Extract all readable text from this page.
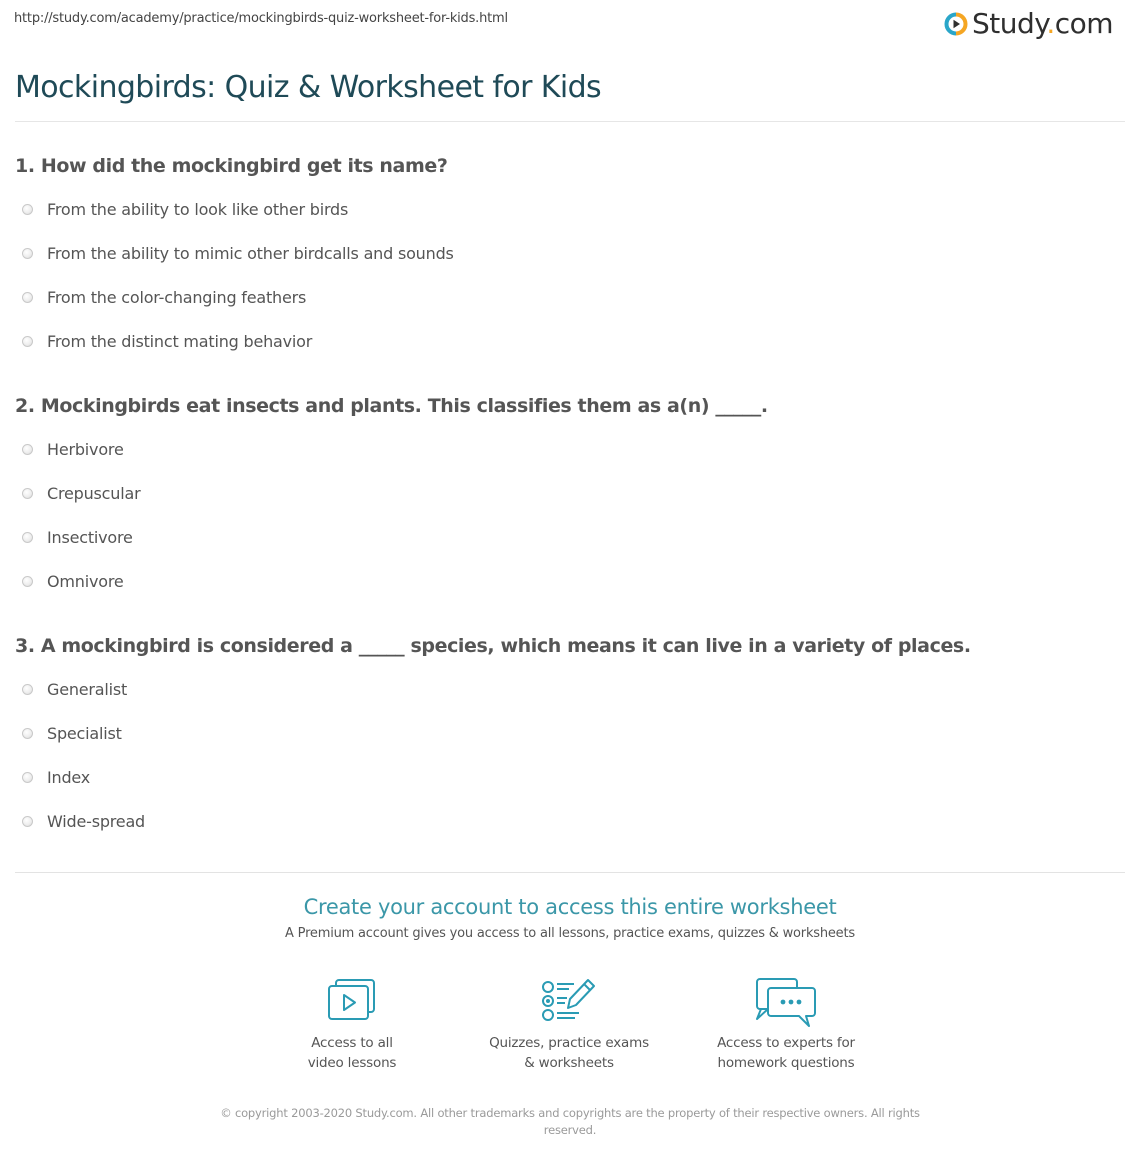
http://study.com/academy/practice/mockingbirds-quiz-worksheet-for-kids.html	Study.com
Mockingbirds: Quiz & Worksheet for Kids
1. How did the mockingbird get its name?
From the ability to look like other birds
From the ability to mimic other birdcalls and sounds
From the color-changing feathers
From the distinct mating behavior
2. Mockingbirds eat insects and plants. This classifies them as a(n) _____.
Herbivore
Crepuscular
Insectivore
Omnivore
3. A mockingbird is considered a _____ species, which means it can live in a variety of places.
Generalist
Specialist
Index
Wide-spread
Create your account to access this entire worksheet
A Premium account gives you access to all lessons, practice exams, quizzes & worksheets
Access to all
video lessons
Quizzes, practice exams
& worksheets
Access to experts for
homework questions
© copyright 2003-2020 Study.com. All other trademarks and copyrights are the property of their respective owners. All rights reserved.
